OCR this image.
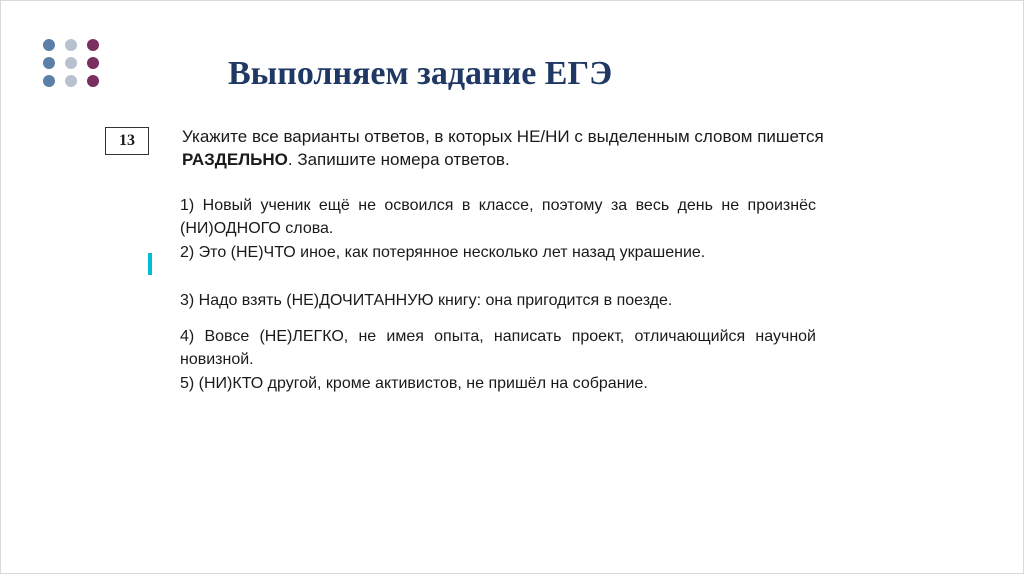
Выполняем задание ЕГЭ
13	Укажите все варианты ответов, в которых НЕ/НИ с выделенным словом пишется РАЗДЕЛЬНО. Запишите номера ответов.
1) Новый ученик ещё не освоился в классе, поэтому за весь день не произнёс (НИ)ОДНОГО слова.
2) Это (НЕ)ЧТО иное, как потерянное несколько лет назад украшение.
3) Надо взять (НЕ)ДОЧИТАННУЮ книгу: она пригодится в поезде.
4) Вовсе (НЕ)ЛЕГКО, не имея опыта, написать проект, отличающийся научной новизной.
5) (НИ)КТО другой, кроме активистов, не пришёл на собрание.
